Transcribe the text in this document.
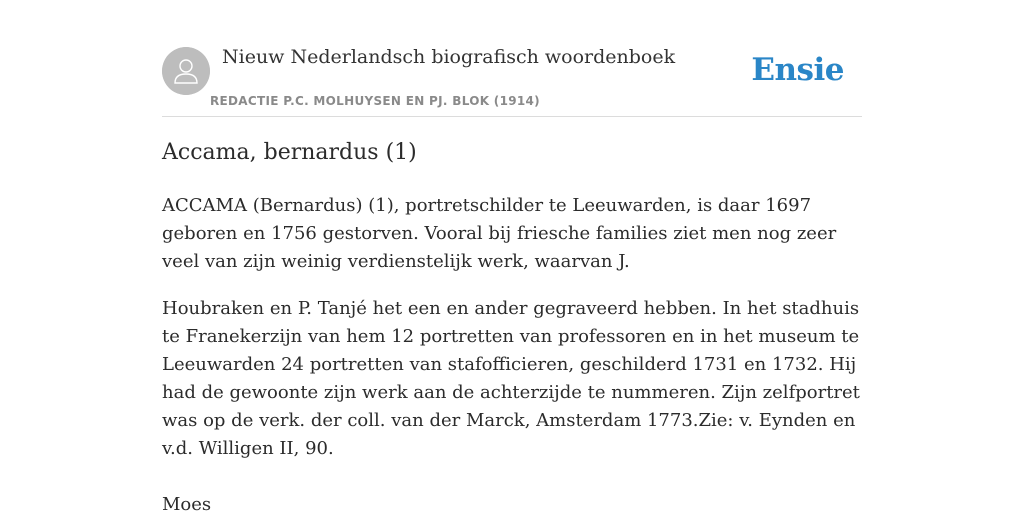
Nieuw Nederlandsch biografisch woordenboek
REDACTIE P.C. MOLHUYSEN EN PJ. BLOK (1914)
Ensie
Accama, bernardus (1)

ACCAMA (Bernardus) (1), portretschilder te Leeuwarden, is daar 1697 geboren en 1756 gestorven. Vooral bij friesche families ziet men nog zeer veel van zijn weinig verdienstelijk werk, waarvan J.

Houbraken en P. Tanjé het een en ander gegraveerd hebben. In het stadhuis te Franekerzijn van hem 12 portretten van professoren en in het museum te Leeuwarden 24 portretten van stafofficieren, geschilderd 1731 en 1732. Hij had de gewoonte zijn werk aan de achterzijde te nummeren. Zijn zelfportret was op de verk. der coll. van der Marck, Amsterdam 1773.Zie: v. Eynden en v.d. Willigen II, 90.

Moes
